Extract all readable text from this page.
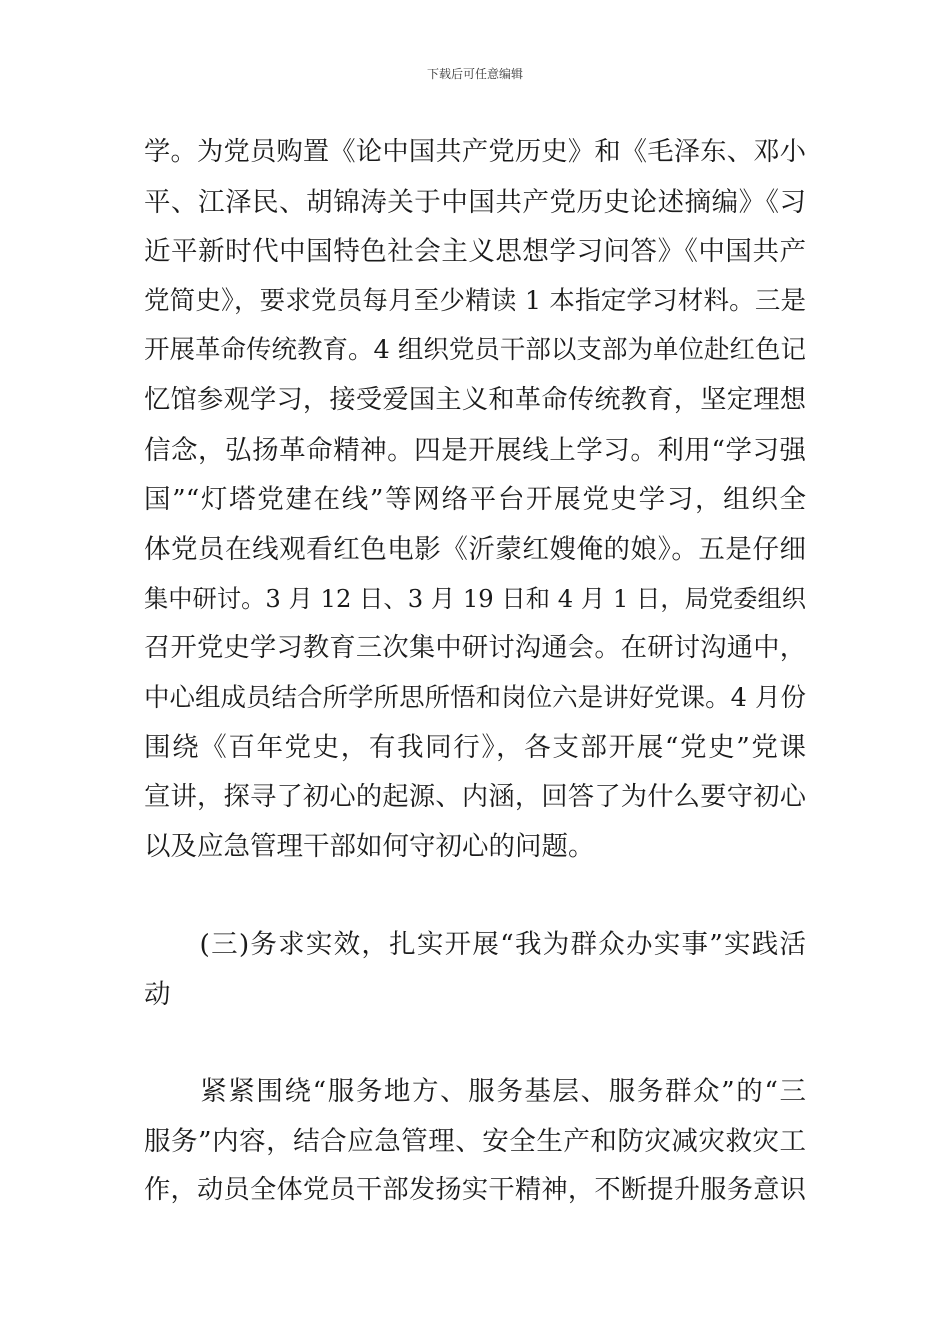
下载后可任意编辑
学。为党员购置《论中国共产党历史》和《毛泽东、邓小
平、江泽民、胡锦涛关于中国共产党历史论述摘编》《习
近平新时代中国特色社会主义思想学习问答》《中国共产
党简史》，要求党员每月至少精读 1 本指定学习材料。三是
开展革命传统教育。4 组织党员干部以支部为单位赴红色记
忆馆参观学习，接受爱国主义和革命传统教育，坚定理想
信念，弘扬革命精神。四是开展线上学习。利用“学习强
国”“灯塔党建在线”等网络平台开展党史学习，组织全
体党员在线观看红色电影《沂蒙红嫂俺的娘》。五是仔细
集中研讨。3 月 12 日、3 月 19 日和 4 月 1 日，局党委组织
召开党史学习教育三次集中研讨沟通会。在研讨沟通中，
中心组成员结合所学所思所悟和岗位六是讲好党课。4 月份
围绕《百年党史，有我同行》，各支部开展“党史”党课
宣讲，探寻了初心的起源、内涵，回答了为什么要守初心
以及应急管理干部如何守初心的问题。
　　(三)务求实效，扎实开展“我为群众办实事”实践活
动
　　紧紧围绕“服务地方、服务基层、服务群众”的“三
服务”内容，结合应急管理、安全生产和防灾减灾救灾工
作，动员全体党员干部发扬实干精神，不断提升服务意识
